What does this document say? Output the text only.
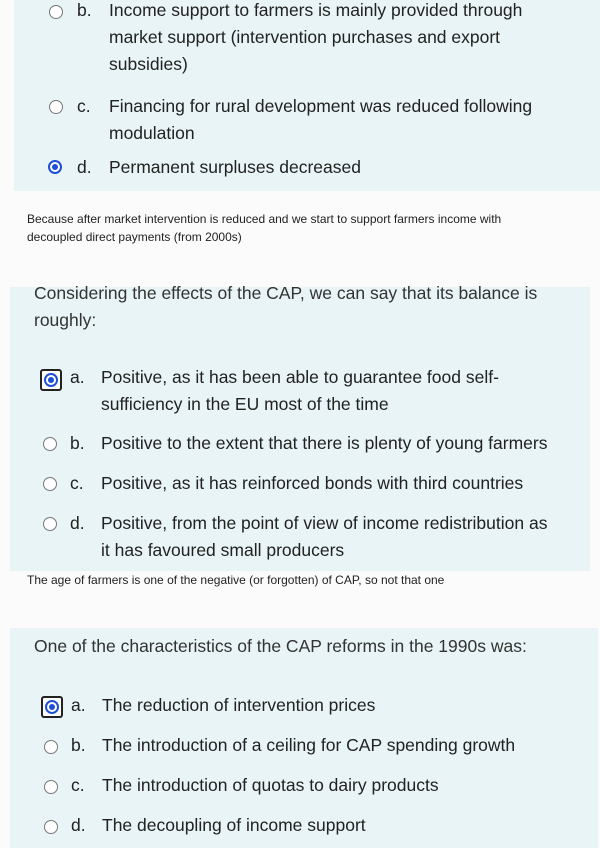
b. Income support to farmers is mainly provided through
market support (intervention purchases and export
subsidies)
c. Financing for rural development was reduced following
modulation
d. Permanent surpluses decreased
Because after market intervention is reduced and we start to support farmers income with
decoupled direct payments (from 2000s)
Considering the effects of the CAP, we can say that its balance is
roughly:
a. Positive, as it has been able to guarantee food self-
sufficiency in the EU most of the time
b. Positive to the extent that there is plenty of young farmers
c. Positive, as it has reinforced bonds with third countries
d. Positive, from the point of view of income redistribution as
it has favoured small producers
The age of farmers is one of the negative (or forgotten) of CAP, so not that one
One of the characteristics of the CAP reforms in the 1990s was:
a. The reduction of intervention prices
b. The introduction of a ceiling for CAP spending growth
c. The introduction of quotas to dairy products
d. The decoupling of income support
